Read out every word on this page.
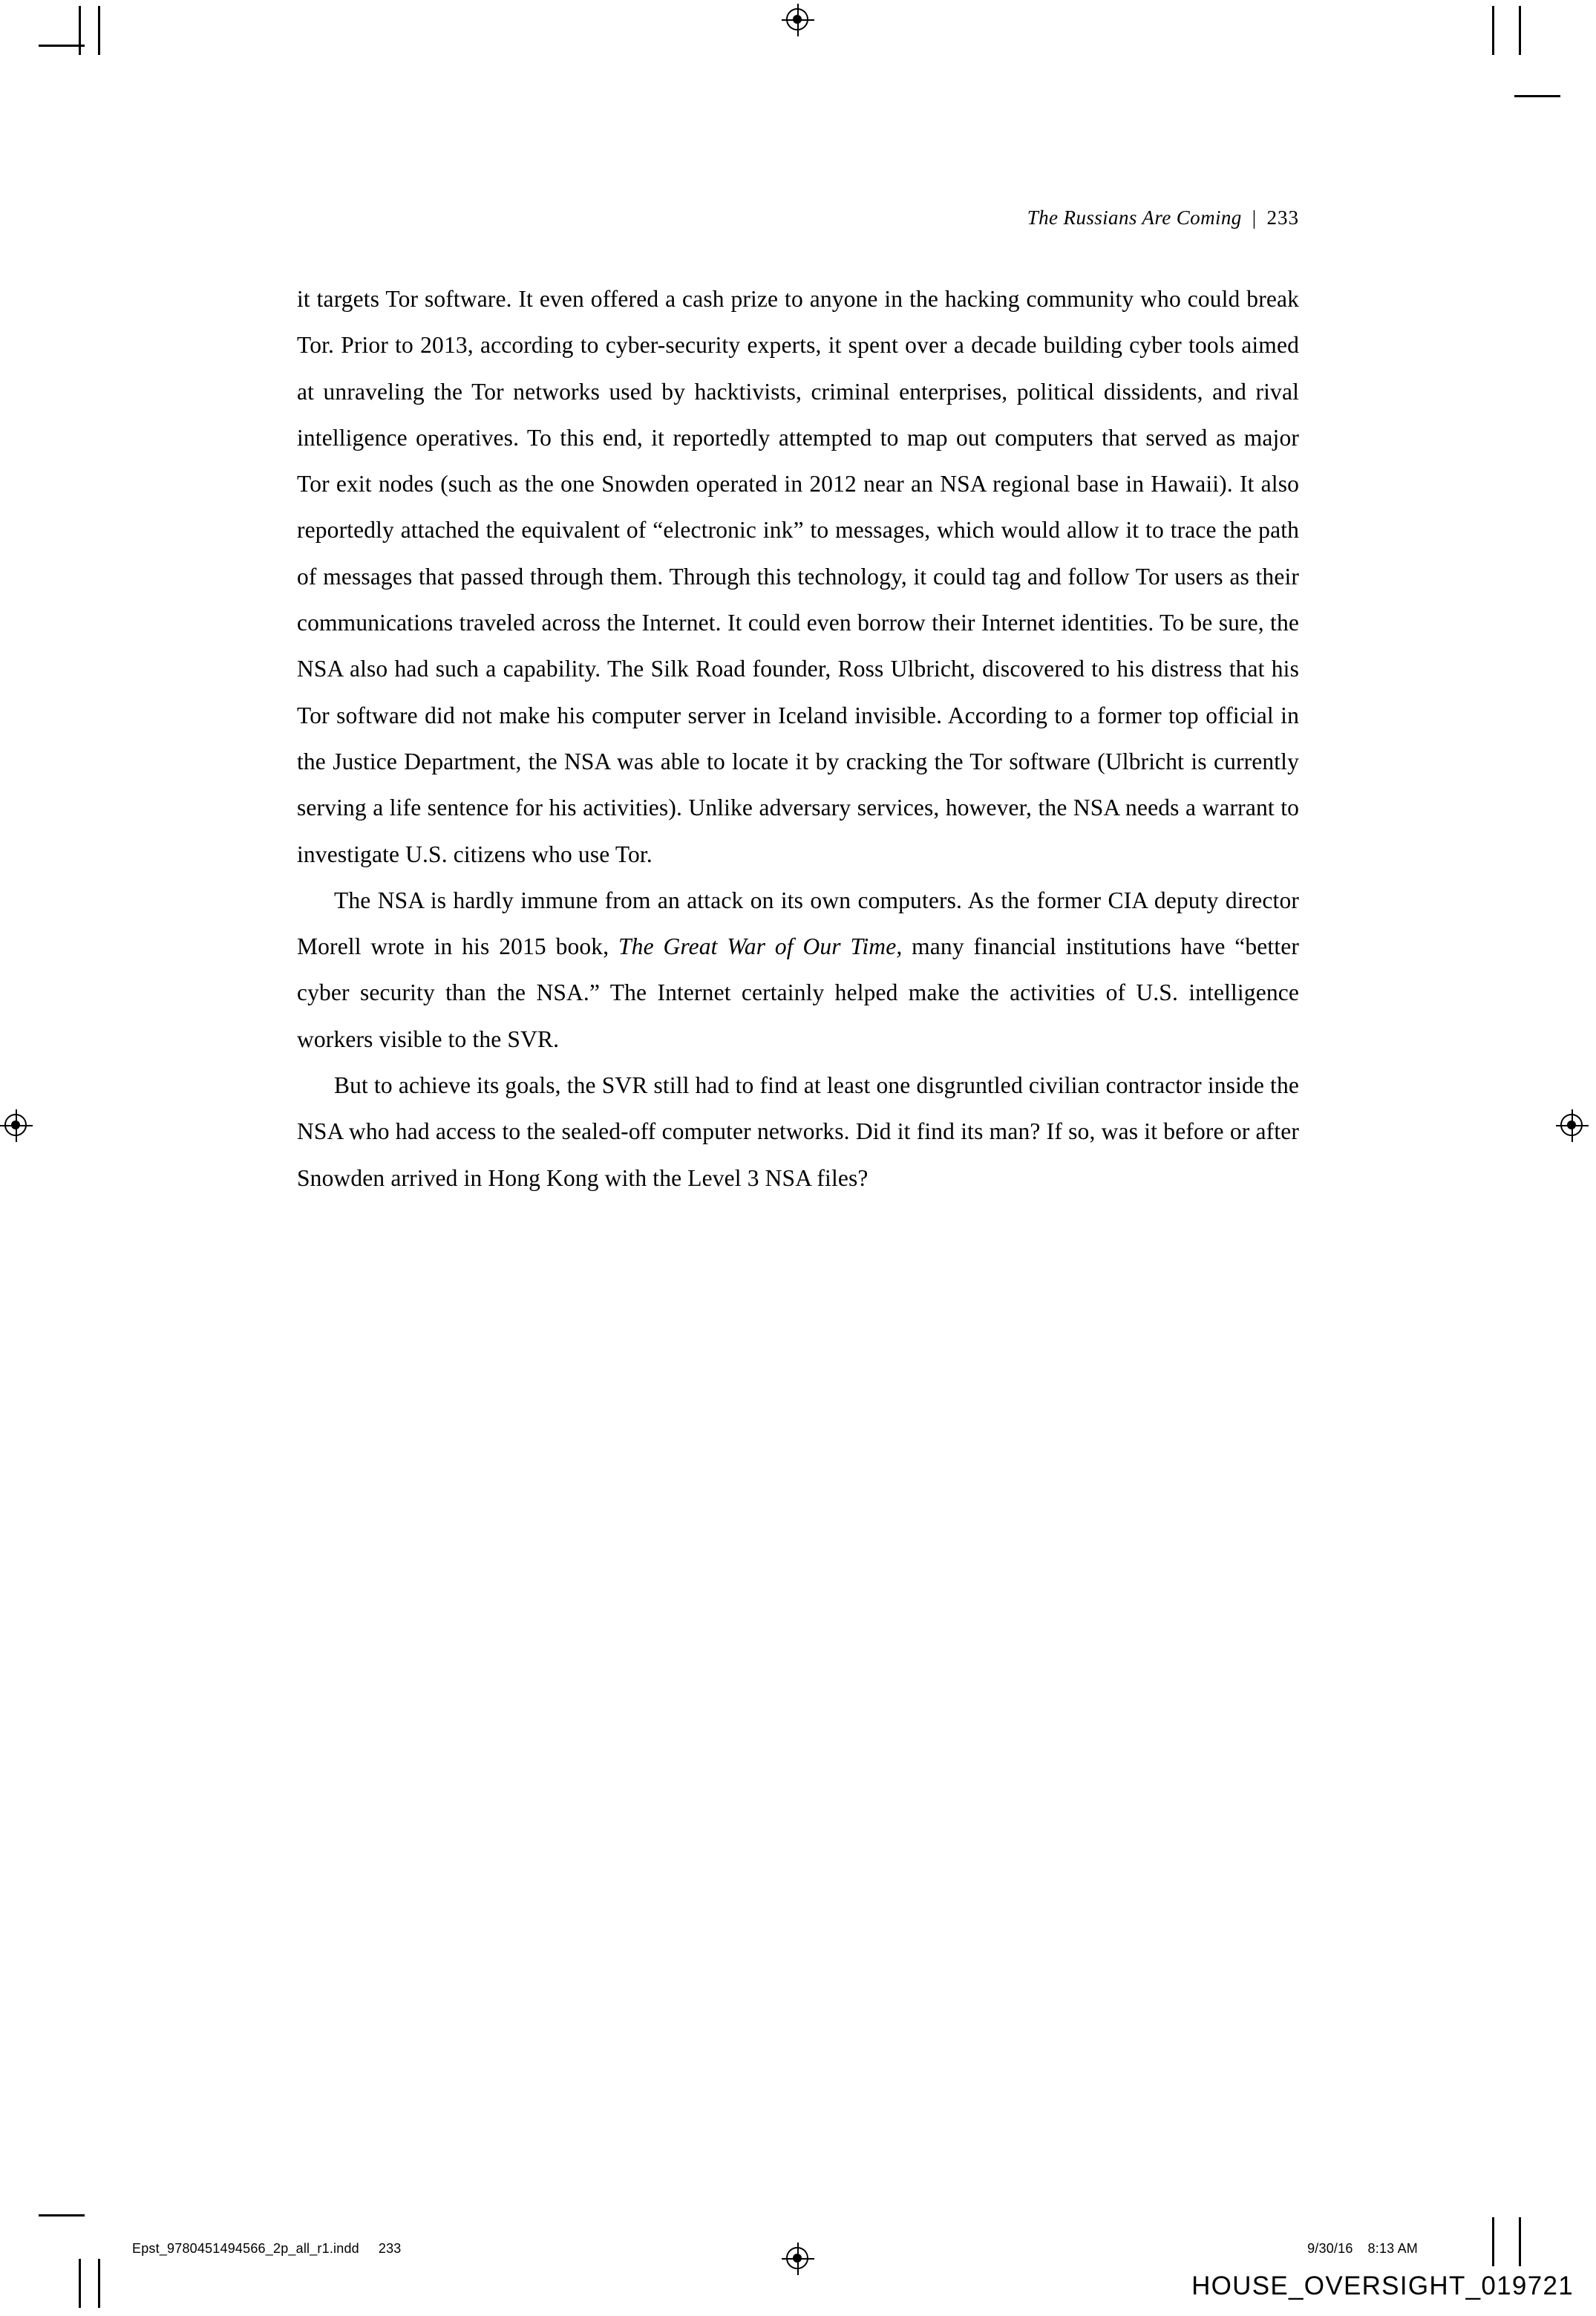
The Russians Are Coming | 233

it targets Tor software. It even offered a cash prize to anyone in the hacking community who could break Tor. Prior to 2013, according to cyber-security experts, it spent over a decade building cyber tools aimed at unraveling the Tor networks used by hacktivists, criminal enterprises, political dissidents, and rival intelligence operatives. To this end, it reportedly attempted to map out computers that served as major Tor exit nodes (such as the one Snowden operated in 2012 near an NSA regional base in Hawaii). It also reportedly attached the equivalent of “electronic ink” to messages, which would allow it to trace the path of messages that passed through them. Through this technology, it could tag and follow Tor users as their communications traveled across the Internet. It could even borrow their Internet identities. To be sure, the NSA also had such a capability. The Silk Road founder, Ross Ulbricht, discovered to his distress that his Tor software did not make his computer server in Iceland invisible. According to a former top official in the Justice Department, the NSA was able to locate it by cracking the Tor software (Ulbricht is currently serving a life sentence for his activities). Unlike adversary services, however, the NSA needs a warrant to investigate U.S. citizens who use Tor.

The NSA is hardly immune from an attack on its own computers. As the former CIA deputy director Morell wrote in his 2015 book, The Great War of Our Time, many financial institutions have “better cyber security than the NSA.” The Internet certainly helped make the activities of U.S. intelligence workers visible to the SVR.

But to achieve its goals, the SVR still had to find at least one disgruntled civilian contractor inside the NSA who had access to the sealed-off computer networks. Did it find its man? If so, was it before or after Snowden arrived in Hong Kong with the Level 3 NSA files?

Epst_9780451494566_2p_all_r1.indd 233	9/30/16 8:13 AM
HOUSE_OVERSIGHT_019721
